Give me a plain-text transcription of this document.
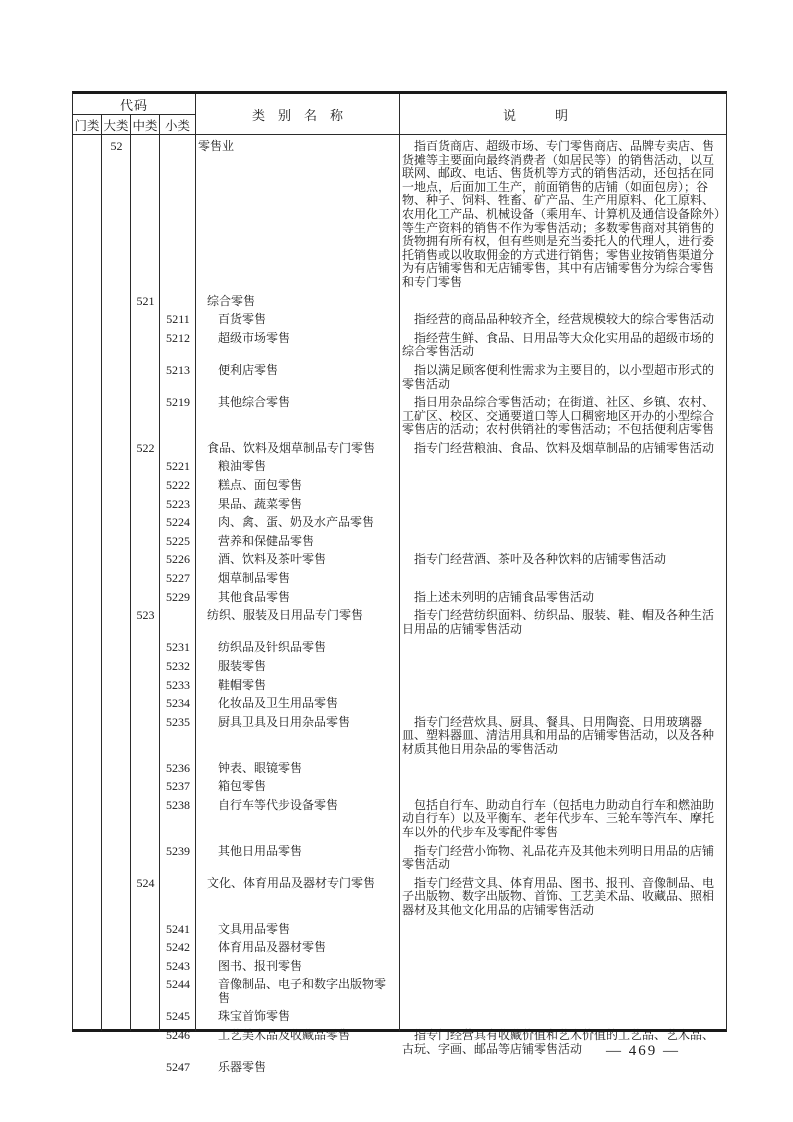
代码
门类 大类 中类 小类
类　别　名　称	说　　　明
52	零售业	指百货商店、超级市场、专门零售商店、品牌专卖店、售货摊等主要面向最终消费者（如居民等）的销售活动，以互联网、邮政、电话、售货机等方式的销售活动，还包括在同一地点，后面加工生产，前面销售的店铺（如面包房）；谷物、种子、饲料、牲畜、矿产品、生产用原料、化工原料、农用化工产品、机械设备（乘用车、计算机及通信设备除外）等生产资料的销售不作为零售活动；多数零售商对其销售的货物拥有所有权，但有些则是充当委托人的代理人，进行委托销售或以收取佣金的方式进行销售；零售业按销售渠道分为有店铺零售和无店铺零售，其中有店铺零售分为综合零售和专门零售
521	综合零售
5211	百货零售	指经营的商品品种较齐全，经营规模较大的综合零售活动
5212	超级市场零售	指经营生鲜、食品、日用品等大众化实用品的超级市场的综合零售活动
5213	便利店零售	指以满足顾客便利性需求为主要目的，以小型超市形式的零售活动
5219	其他综合零售	指日用杂品综合零售活动；在街道、社区、乡镇、农村、工矿区、校区、交通要道口等人口稠密地区开办的小型综合零售店的活动；农村供销社的零售活动；不包括便利店零售
522	食品、饮料及烟草制品专门零售	指专门经营粮油、食品、饮料及烟草制品的店铺零售活动
5221	粮油零售
5222	糕点、面包零售
5223	果品、蔬菜零售
5224	肉、禽、蛋、奶及水产品零售
5225	营养和保健品零售
5226	酒、饮料及茶叶零售	指专门经营酒、茶叶及各种饮料的店铺零售活动
5227	烟草制品零售
5229	其他食品零售	指上述未列明的店铺食品零售活动
523	纺织、服装及日用品专门零售	指专门经营纺织面料、纺织品、服装、鞋、帽及各种生活日用品的店铺零售活动
5231	纺织品及针织品零售
5232	服装零售
5233	鞋帽零售
5234	化妆品及卫生用品零售
5235	厨具卫具及日用杂品零售	指专门经营炊具、厨具、餐具、日用陶瓷、日用玻璃器皿、塑料器皿、清洁用具和用品的店铺零售活动，以及各种材质其他日用杂品的零售活动
5236	钟表、眼镜零售
5237	箱包零售
5238	自行车等代步设备零售	包括自行车、助动自行车（包括电力助动自行车和燃油助动自行车）以及平衡车、老年代步车、三轮车等汽车、摩托车以外的代步车及零配件零售
5239	其他日用品零售	指专门经营小饰物、礼品花卉及其他未列明日用品的店铺零售活动
524	文化、体育用品及器材专门零售	指专门经营文具、体育用品、图书、报刊、音像制品、电子出版物、数字出版物、首饰、工艺美术品、收藏品、照相器材及其他文化用品的店铺零售活动
5241	文具用品零售
5242	体育用品及器材零售
5243	图书、报刊零售
5244	音像制品、电子和数字出版物零售
5245	珠宝首饰零售
5246	工艺美术品及收藏品零售	指专门经营具有收藏价值和艺术价值的工艺品、艺术品、古玩、字画、邮品等店铺零售活动
5247	乐器零售
— 469 —
